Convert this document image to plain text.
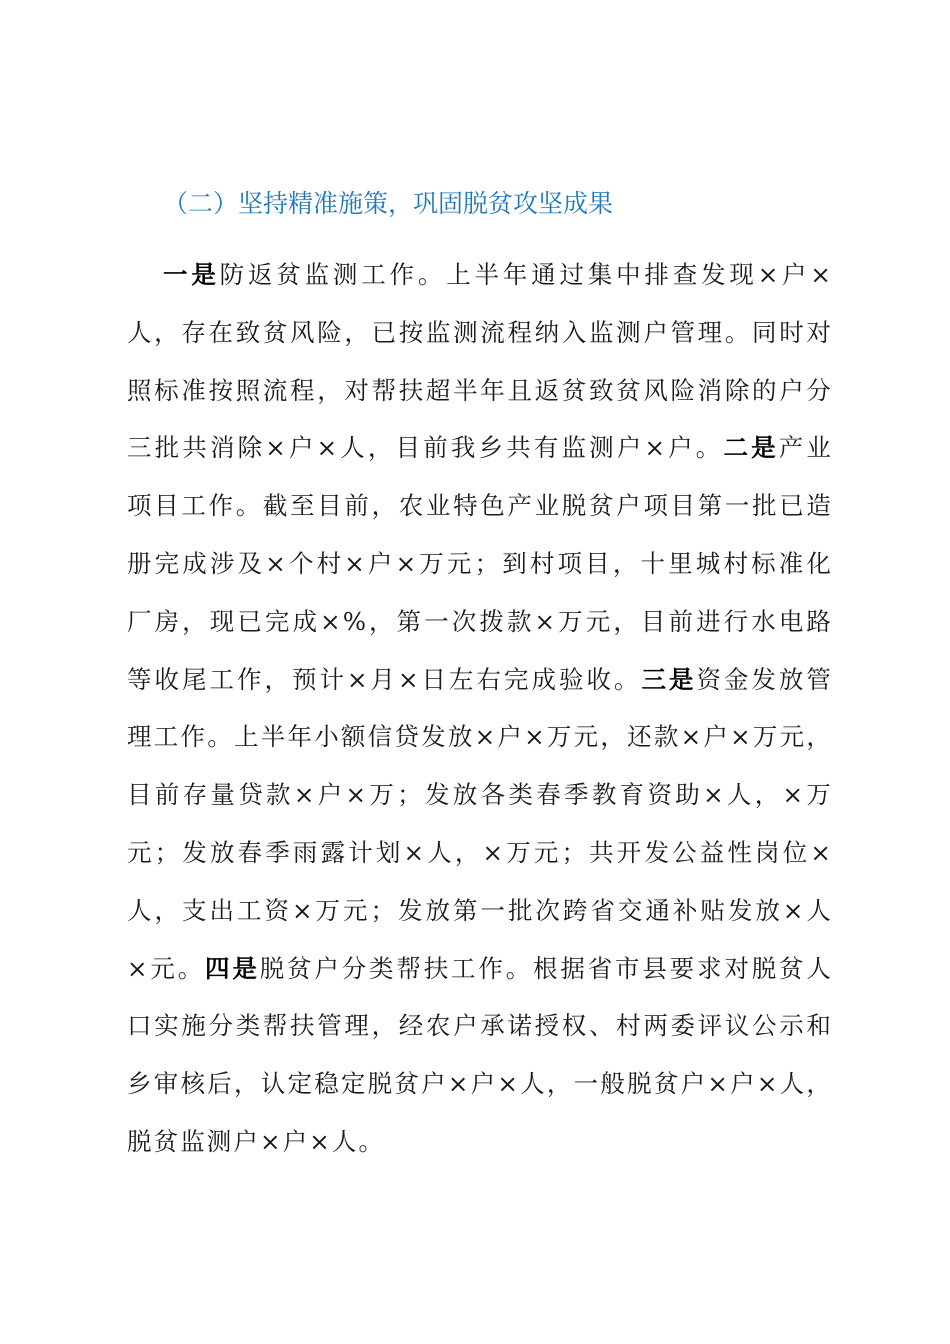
（二）坚持精准施策，巩固脱贫攻坚成果

一是防返贫监测工作。上半年通过集中排查发现×户×人，存在致贫风险，已按监测流程纳入监测户管理。同时对照标准按照流程，对帮扶超半年且返贫致贫风险消除的户分三批共消除×户×人，目前我乡共有监测户×户。二是产业项目工作。截至目前，农业特色产业脱贫户项目第一批已造册完成涉及×个村×户×万元；到村项目，十里城村标准化厂房，现已完成×%，第一次拨款×万元，目前进行水电路等收尾工作，预计×月×日左右完成验收。三是资金发放管理工作。上半年小额信贷发放×户×万元，还款×户×万元，目前存量贷款×户×万；发放各类春季教育资助×人，×万元；发放春季雨露计划×人，×万元；共开发公益性岗位×人，支出工资×万元；发放第一批次跨省交通补贴发放×人×元。四是脱贫户分类帮扶工作。根据省市县要求对脱贫人口实施分类帮扶管理，经农户承诺授权、村两委评议公示和乡审核后，认定稳定脱贫户×户×人，一般脱贫户×户×人，脱贫监测户×户×人。
